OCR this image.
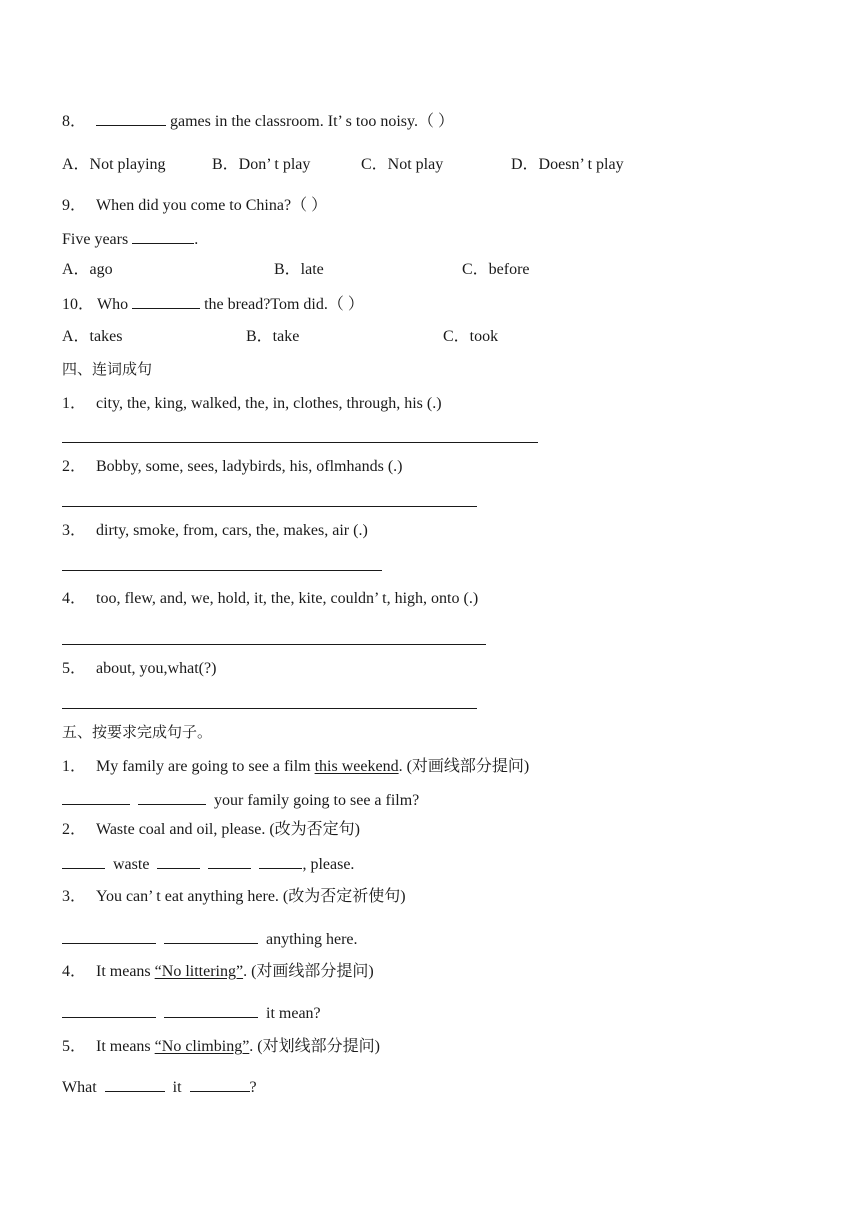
8．	games in the classroom. It’ s too noisy.（ ）
A．Not playing	B．Don’ t play	C．Not play	D．Doesn’ t play
9． When did you come to China?（ ）
Five years	.
A．ago	B．late	C．before
10． Who	the bread?Tom did.（ ）
A．takes	B．take	C．took
四、连词成句
1． city, the, king, walked, the, in, clothes, through, his (.)
2． Bobby, some, sees, ladybirds, his, oflmhands (.)
3． dirty, smoke, from, cars, the, makes, air (.)
4． too, flew, and, we, hold, it, the, kite, couldn’ t, high, onto (.)
5． about, you,what(?)
五、按要求完成句子。
1． My family are going to see a film this weekend. (对画线部分提问)
your family going to see a film?
2． Waste coal and oil, please. (改为否定句)
waste	, please.
3． You can’ t eat anything here. (改为否定祈使句)
anything here.
4． It means “No littering”. (对画线部分提问)
it mean?
5． It means “No climbing”. (对划线部分提问)
What	it	?
